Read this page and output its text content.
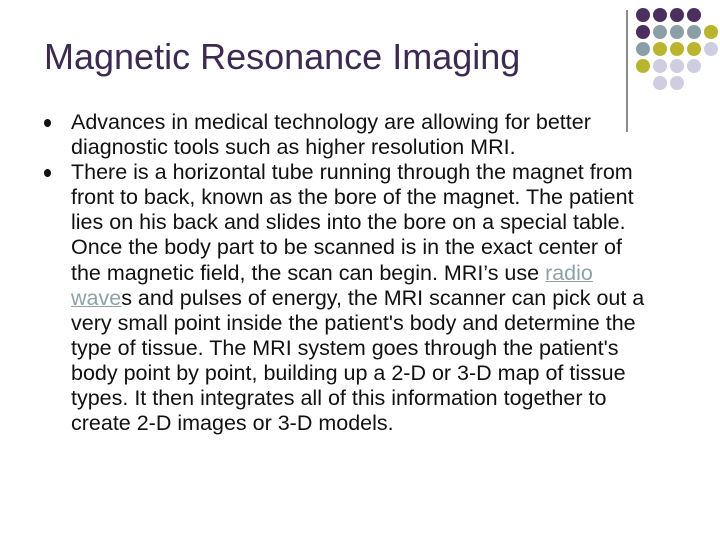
Magnetic Resonance Imaging
Advances in medical technology are allowing for better diagnostic tools such as higher resolution MRI.
There is a horizontal tube running through the magnet from front to back, known as the bore of the magnet. The patient lies on his back and slides into the bore on a special table. Once the body part to be scanned is in the exact center of the magnetic field, the scan can begin. MRI’s use radio waves and pulses of energy, the MRI scanner can pick out a very small point inside the patient's body and determine the type of tissue. The MRI system goes through the patient's body point by point, building up a 2-D or 3-D map of tissue types. It then integrates all of this information together to create 2-D images or 3-D models.
